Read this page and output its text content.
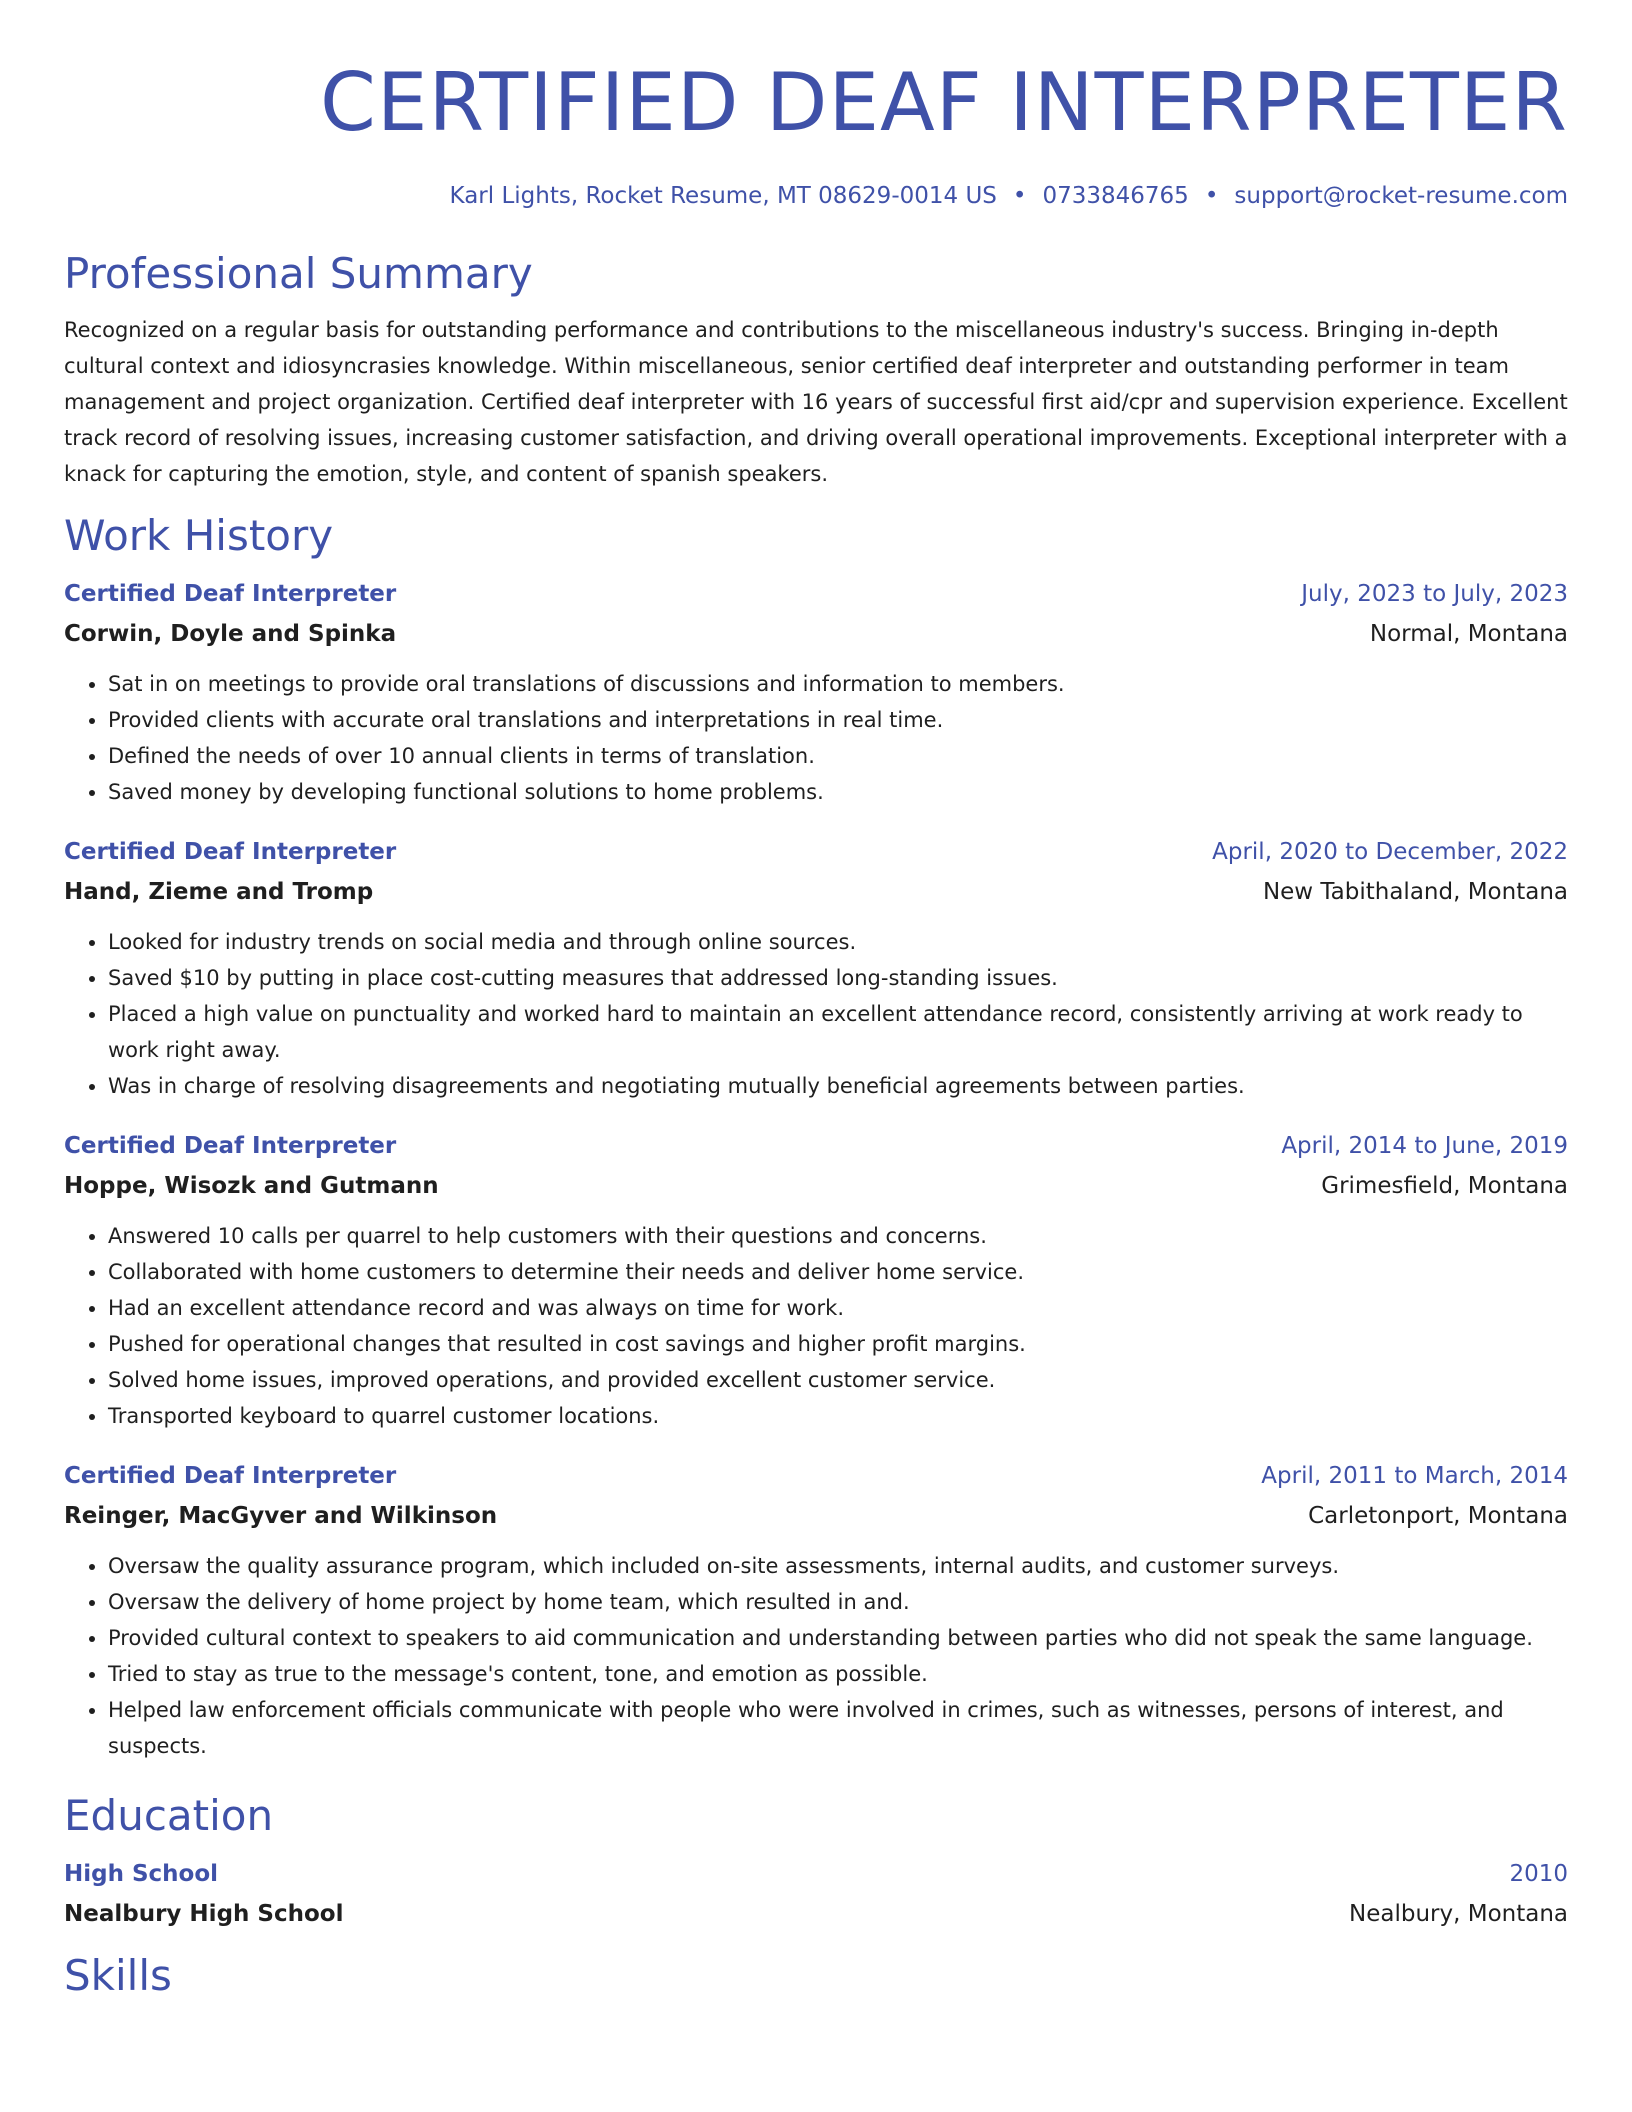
CERTIFIED DEAF INTERPRETER
Karl Lights, Rocket Resume, MT 08629-0014 US • 0733846765 • support@rocket-resume.com
Professional Summary

Recognized on a regular basis for outstanding performance and contributions to the miscellaneous industry's success. Bringing in-depth cultural context and idiosyncrasies knowledge. Within miscellaneous, senior certified deaf interpreter and outstanding performer in team management and project organization. Certified deaf interpreter with 16 years of successful first aid/cpr and supervision experience. Excellent track record of resolving issues, increasing customer satisfaction, and driving overall operational improvements. Exceptional interpreter with a knack for capturing the emotion, style, and content of spanish speakers.

Work History
Certified Deaf Interpreter	July, 2023 to July, 2023
Corwin, Doyle and Spinka	Normal, Montana
• Sat in on meetings to provide oral translations of discussions and information to members.
• Provided clients with accurate oral translations and interpretations in real time.
• Defined the needs of over 10 annual clients in terms of translation.
• Saved money by developing functional solutions to home problems.
Certified Deaf Interpreter	April, 2020 to December, 2022
Hand, Zieme and Tromp	New Tabithaland, Montana
• Looked for industry trends on social media and through online sources.
• Saved $10 by putting in place cost-cutting measures that addressed long-standing issues.
• Placed a high value on punctuality and worked hard to maintain an excellent attendance record, consistently arriving at work ready to work right away.
• Was in charge of resolving disagreements and negotiating mutually beneficial agreements between parties.
Certified Deaf Interpreter	April, 2014 to June, 2019
Hoppe, Wisozk and Gutmann	Grimesfield, Montana
• Answered 10 calls per quarrel to help customers with their questions and concerns.
• Collaborated with home customers to determine their needs and deliver home service.
• Had an excellent attendance record and was always on time for work.
• Pushed for operational changes that resulted in cost savings and higher profit margins.
• Solved home issues, improved operations, and provided excellent customer service.
• Transported keyboard to quarrel customer locations.
Certified Deaf Interpreter	April, 2011 to March, 2014
Reinger, MacGyver and Wilkinson	Carletonport, Montana
• Oversaw the quality assurance program, which included on-site assessments, internal audits, and customer surveys.
• Oversaw the delivery of home project by home team, which resulted in and.
• Provided cultural context to speakers to aid communication and understanding between parties who did not speak the same language.
• Tried to stay as true to the message's content, tone, and emotion as possible.
• Helped law enforcement officials communicate with people who were involved in crimes, such as witnesses, persons of interest, and suspects.
Education
High School	2010
Nealbury High School	Nealbury, Montana
Skills
